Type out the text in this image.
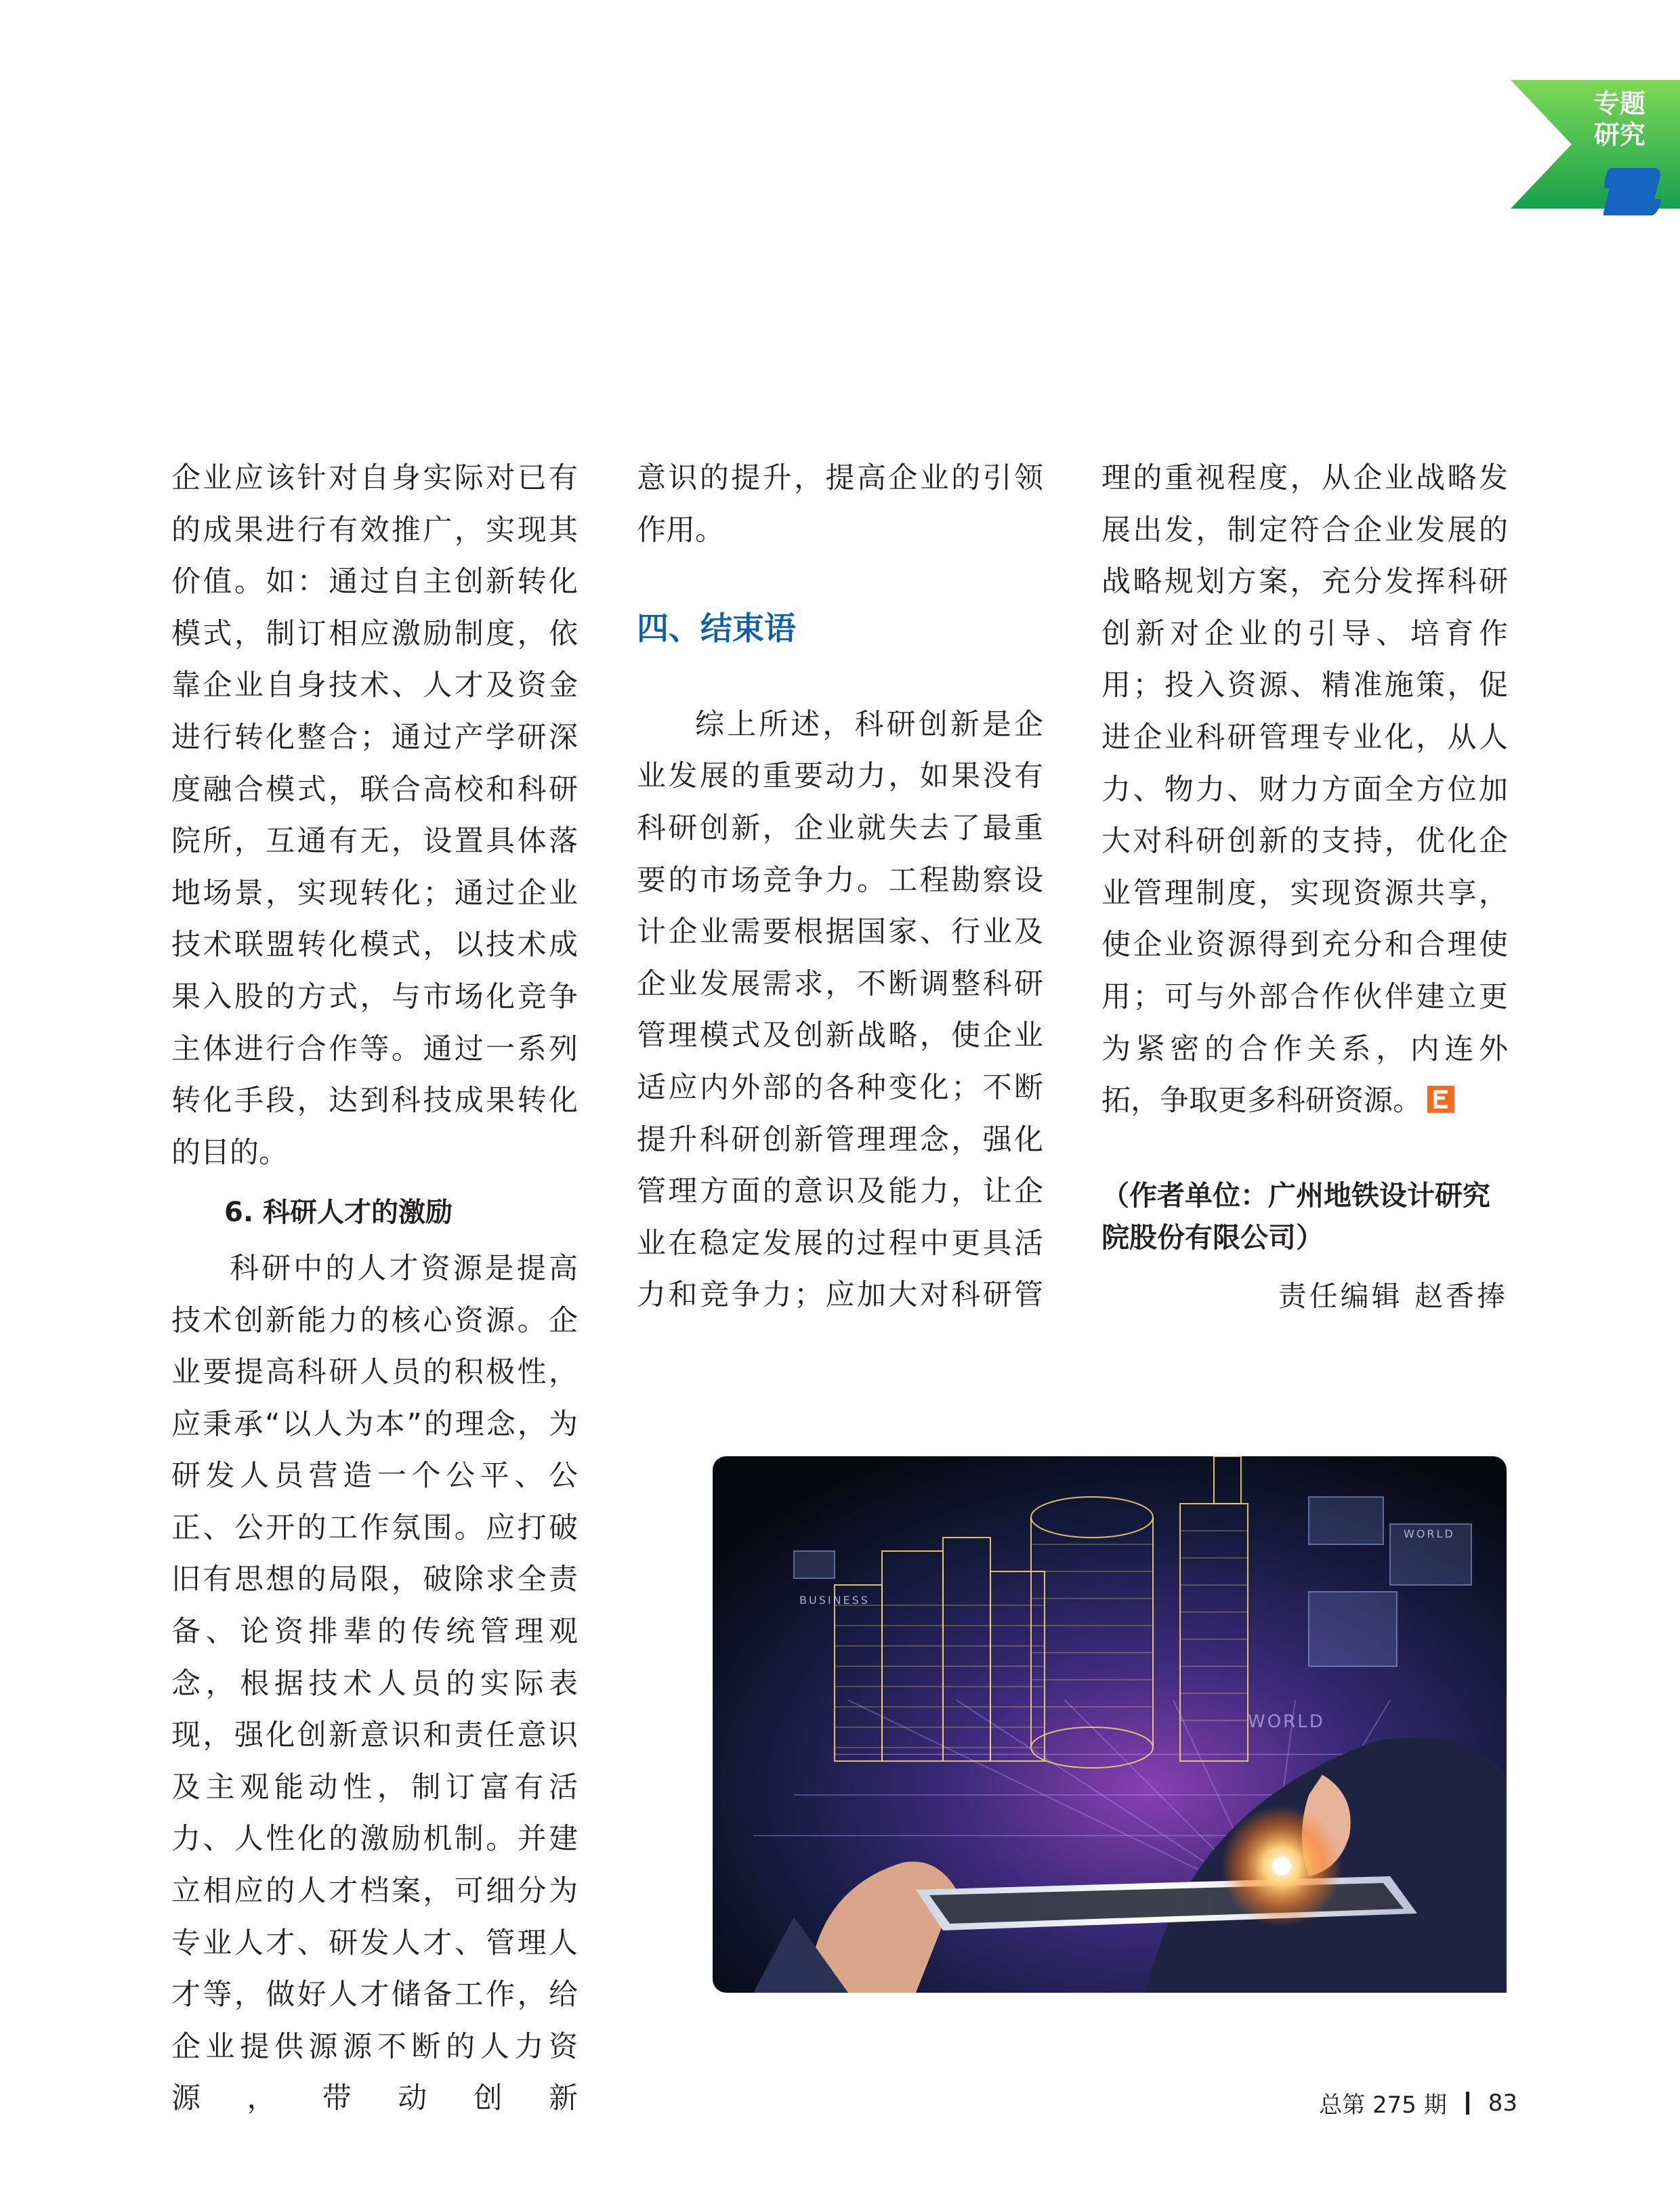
专题
研究

企业应该针对自身实际对已有的成果进行有效推广，实现其价值。如：通过自主创新转化模式，制订相应激励制度，依靠企业自身技术、人才及资金进行转化整合；通过产学研深度融合模式，联合高校和科研院所，互通有无，设置具体落地场景，实现转化；通过企业技术联盟转化模式，以技术成果入股的方式，与市场化竞争主体进行合作等。通过一系列转化手段，达到科技成果转化的目的。

6. 科研人才的激励

科研中的人才资源是提高技术创新能力的核心资源。企业要提高科研人员的积极性，应秉承“以人为本”的理念，为研发人员营造一个公平、公正、公开的工作氛围。应打破旧有思想的局限，破除求全责备、论资排辈的传统管理观念，根据技术人员的实际表现，强化创新意识和责任意识及主观能动性，制订富有活力、人性化的激励机制。并建立相应的人才档案，可细分为专业人才、研发人才、管理人才等，做好人才储备工作，给企业提供源源不断的人力资源，带动创新

意识的提升，提高企业的引领作用。

四、结束语

综上所述，科研创新是企业发展的重要动力，如果没有科研创新，企业就失去了最重要的市场竞争力。工程勘察设计企业需要根据国家、行业及企业发展需求，不断调整科研管理模式及创新战略，使企业适应内外部的各种变化；不断提升科研创新管理理念，强化管理方面的意识及能力，让企业在稳定发展的过程中更具活力和竞争力；应加大对科研管

理的重视程度，从企业战略发展出发，制定符合企业发展的战略规划方案，充分发挥科研创新对企业的引导、培育作用；投入资源、精准施策，促进企业科研管理专业化，从人力、物力、财力方面全方位加大对科研创新的支持，优化企业管理制度，实现资源共享，使企业资源得到充分和合理使用；可与外部合作伙伴建立更为紧密的合作关系，内连外拓，争取更多科研资源。

（作者单位：广州地铁设计研究院股份有限公司）

责任编辑 赵香捧

BUSINESS
WORLD
WORLD
总第 275 期 83
